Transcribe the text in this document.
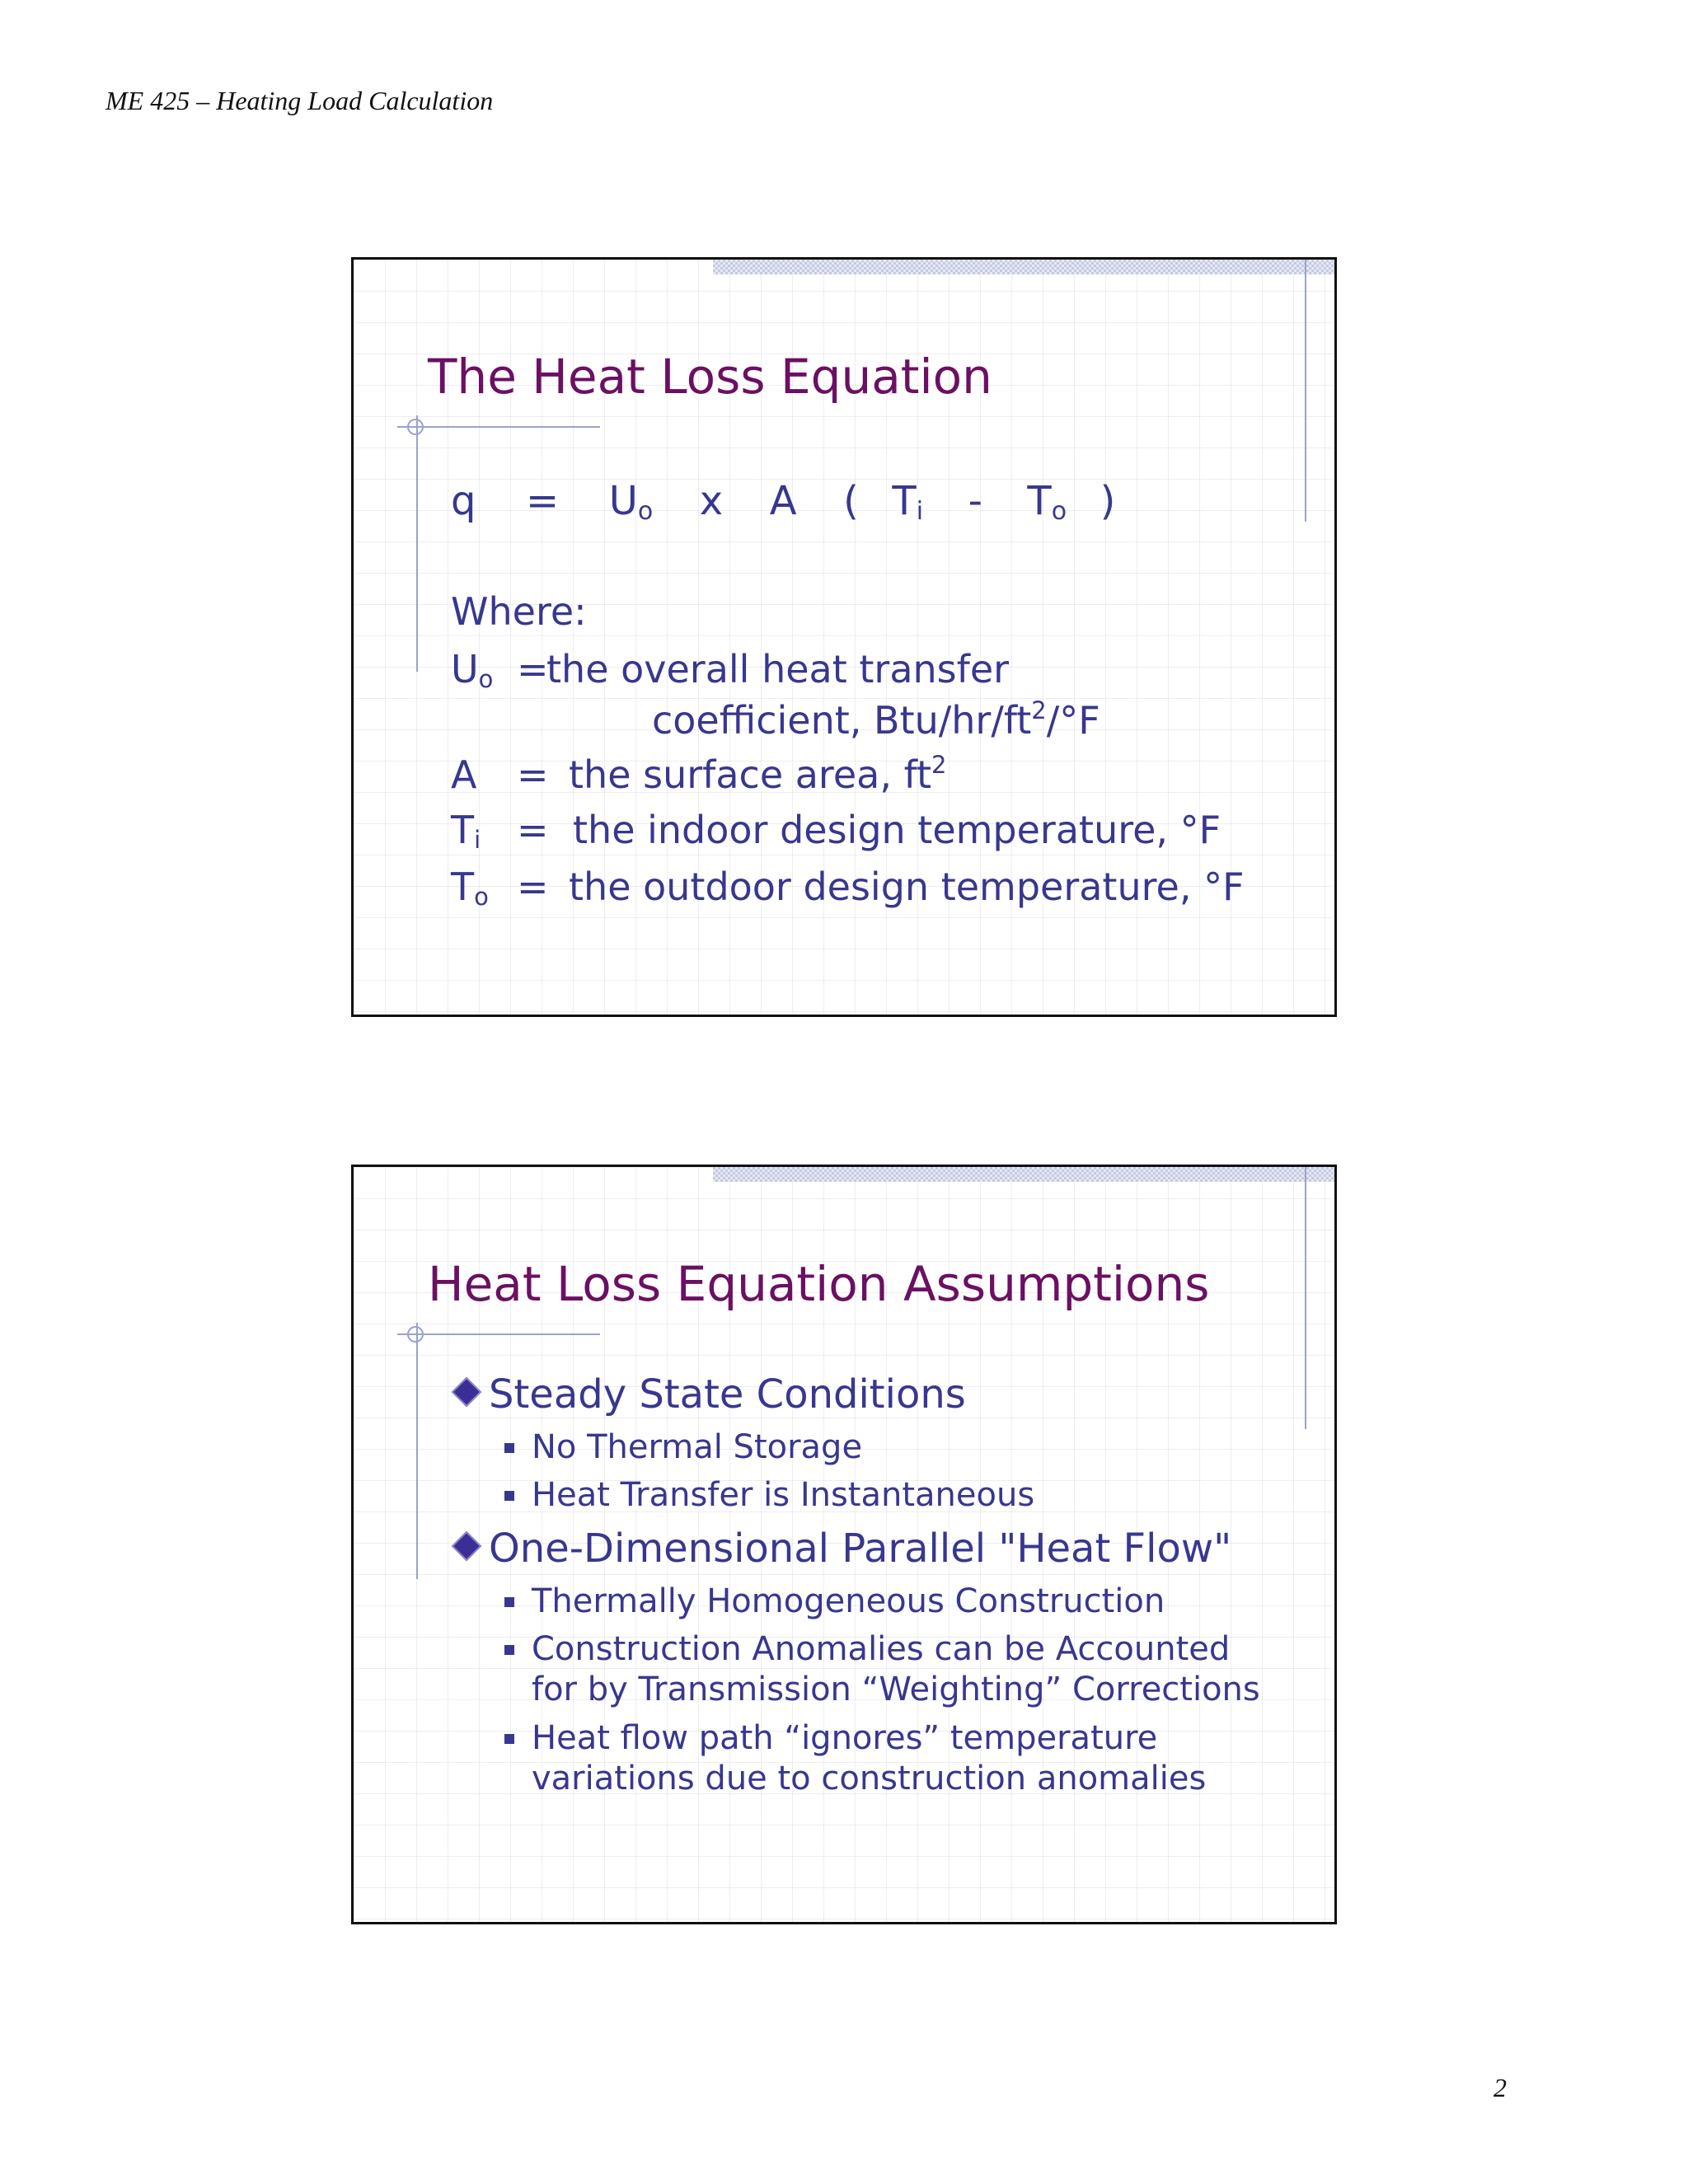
ME 425 – Heating Load Calculation
The Heat Loss Equation
$q = U_o$ x A ( $T_i - T_o$ )
Where:
$U_o =the$ overall heat transfer
coefficient, Btu/$hr/ft^2/^\circ F$
A = the surface area, $ft^2$
$T_i$ = the indoor design temperature, °F
$T_o$ = the outdoor design temperature, °F
Heat Loss Equation Assumptions
Steady State Conditions
No Thermal Storage
Heat Transfer is Instantaneous
One-Dimensional Parallel "Heat Flow"
Thermally Homogeneous Construction
Construction Anomalies can be Accounted for by Transmission “Weighting” Corrections
Heat flow path “ignores” temperature variations due to construction anomalies
2
